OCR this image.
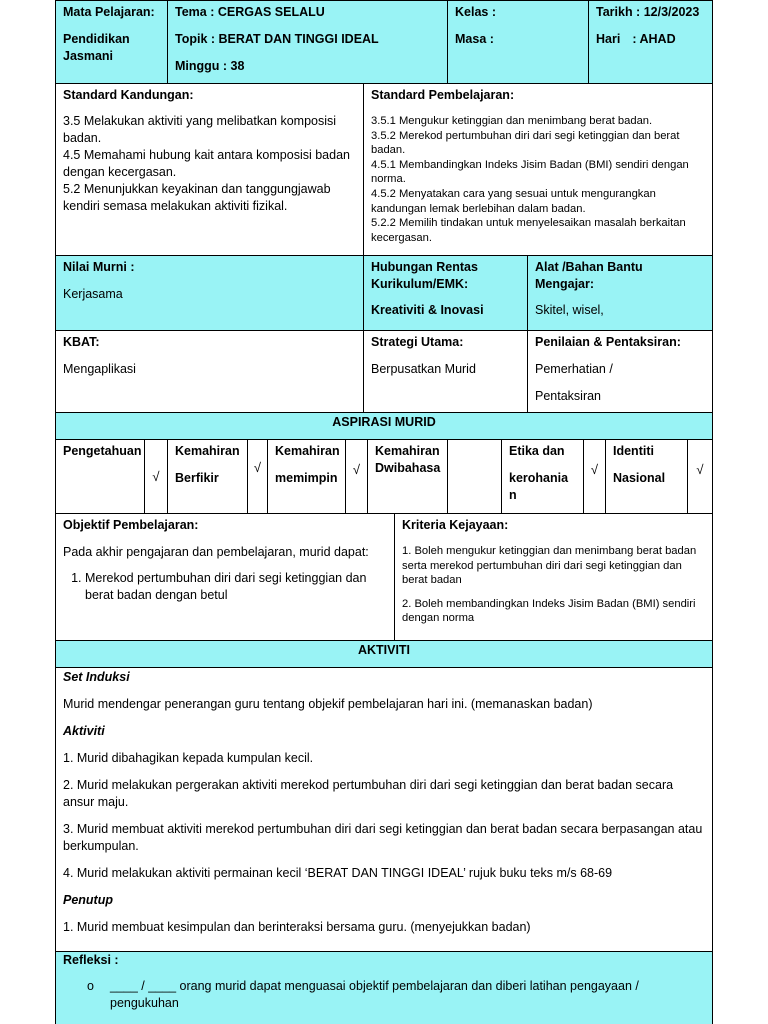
Mata Pelajaran:

Pendidikan Jasmani

Tema : CERGAS SELALU

Topik : BERAT DAN TINGGI IDEAL

Minggu : 38

Kelas :

Masa :

Tarikh : 12/3/2023

Hari : AHAD

Standard Kandungan:

3.5 Melakukan aktiviti yang melibatkan komposisi badan.

4.5 Memahami hubung kait antara komposisi badan dengan kecergasan.

5.2 Menunjukkan keyakinan dan tanggungjawab kendiri semasa melakukan aktiviti fizikal.

Standard Pembelajaran:

3.5.1 Mengukur ketinggian dan menimbang berat badan.

3.5.2 Merekod pertumbuhan diri dari segi ketinggian dan berat badan.

4.5.1 Membandingkan Indeks Jisim Badan (BMI) sendiri dengan norma.

4.5.2 Menyatakan cara yang sesuai untuk mengurangkan kandungan lemak berlebihan dalam badan.

5.2.2 Memilih tindakan untuk menyelesaikan masalah berkaitan kecergasan.

Nilai Murni :

Kerjasama

Hubungan Rentas Kurikulum/EMK:

Kreativiti & Inovasi

Alat /Bahan Bantu Mengajar:

Skitel, wisel,

KBAT:

Mengaplikasi

Strategi Utama:

Berpusatkan Murid

Penilaian & Pentaksiran:

Pemerhatian /

Pentaksiran

ASPIRASI MURID

Pengetahuan

√

Kemahiran

Berfikir

√

Kemahiran

memimpin

√

Kemahiran Dwibahasa

Etika dan

kerohania n

√

Identiti

Nasional

√

Objektif Pembelajaran:

Pada akhir pengajaran dan pembelajaran, murid dapat:

1. Merekod pertumbuhan diri dari segi ketinggian dan berat badan dengan betul

Kriteria Kejayaan:

1. Boleh mengukur ketinggian dan menimbang berat badan serta merekod pertumbuhan diri dari segi ketinggian dan berat badan

2. Boleh membandingkan Indeks Jisim Badan (BMI) sendiri dengan norma

AKTIVITI

Set Induksi

Murid mendengar penerangan guru tentang objekif pembelajaran hari ini. (memanaskan badan)

Aktiviti

1. Murid dibahagikan kepada kumpulan kecil.

2. Murid melakukan pergerakan aktiviti merekod pertumbuhan diri dari segi ketinggian dan berat badan secara ansur maju.

3. Murid membuat aktiviti merekod pertumbuhan diri dari segi ketinggian dan berat badan secara berpasangan atau berkumpulan.

4. Murid melakukan aktiviti permainan kecil ‘BERAT DAN TINGGI IDEAL’ rujuk buku teks m/s 68-69

Penutup

1. Murid membuat kesimpulan dan berinteraksi bersama guru. (menyejukkan badan)

Refleksi :

o ____ / ____ orang murid dapat menguasai objektif pembelajaran dan diberi latihan pengayaan / pengukuhan
